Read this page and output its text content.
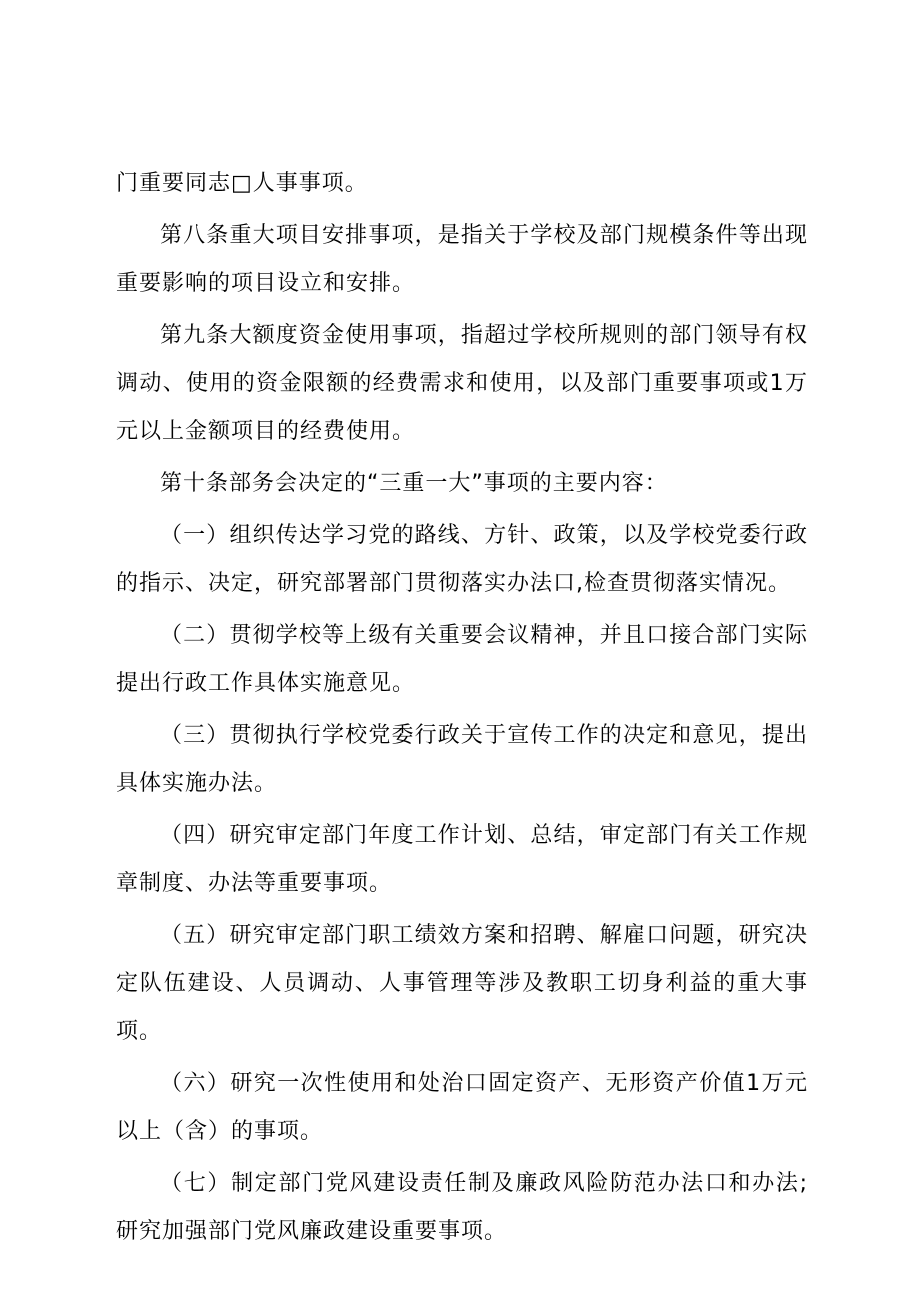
门重要同志□人事事项。

第八条重大项目安排事项，是指关于学校及部门规模条件等出现重要影响的项目设立和安排。

第九条大额度资金使用事项，指超过学校所规则的部门领导有权调动、使用的资金限额的经费需求和使用，以及部门重要事项或1万元以上金额项目的经费使用。

第十条部务会决定的“三重一大”事项的主要内容：

（一）组织传达学习党的路线、方针、政策，以及学校党委行政的指示、决定，研究部署部门贯彻落实办法口,检查贯彻落实情况。

（二）贯彻学校等上级有关重要会议精神，并且口接合部门实际提出行政工作具体实施意见。

（三）贯彻执行学校党委行政关于宣传工作的决定和意见，提出具体实施办法。

（四）研究审定部门年度工作计划、总结，审定部门有关工作规章制度、办法等重要事项。

（五）研究审定部门职工绩效方案和招聘、解雇口问题，研究决定队伍建设、人员调动、人事管理等涉及教职工切身利益的重大事项。

（六）研究一次性使用和处治口固定资产、无形资产价值1万元以上（含）的事项。

（七）制定部门党风建设责任制及廉政风险防范办法口和办法;研究加强部门党风廉政建设重要事项。
